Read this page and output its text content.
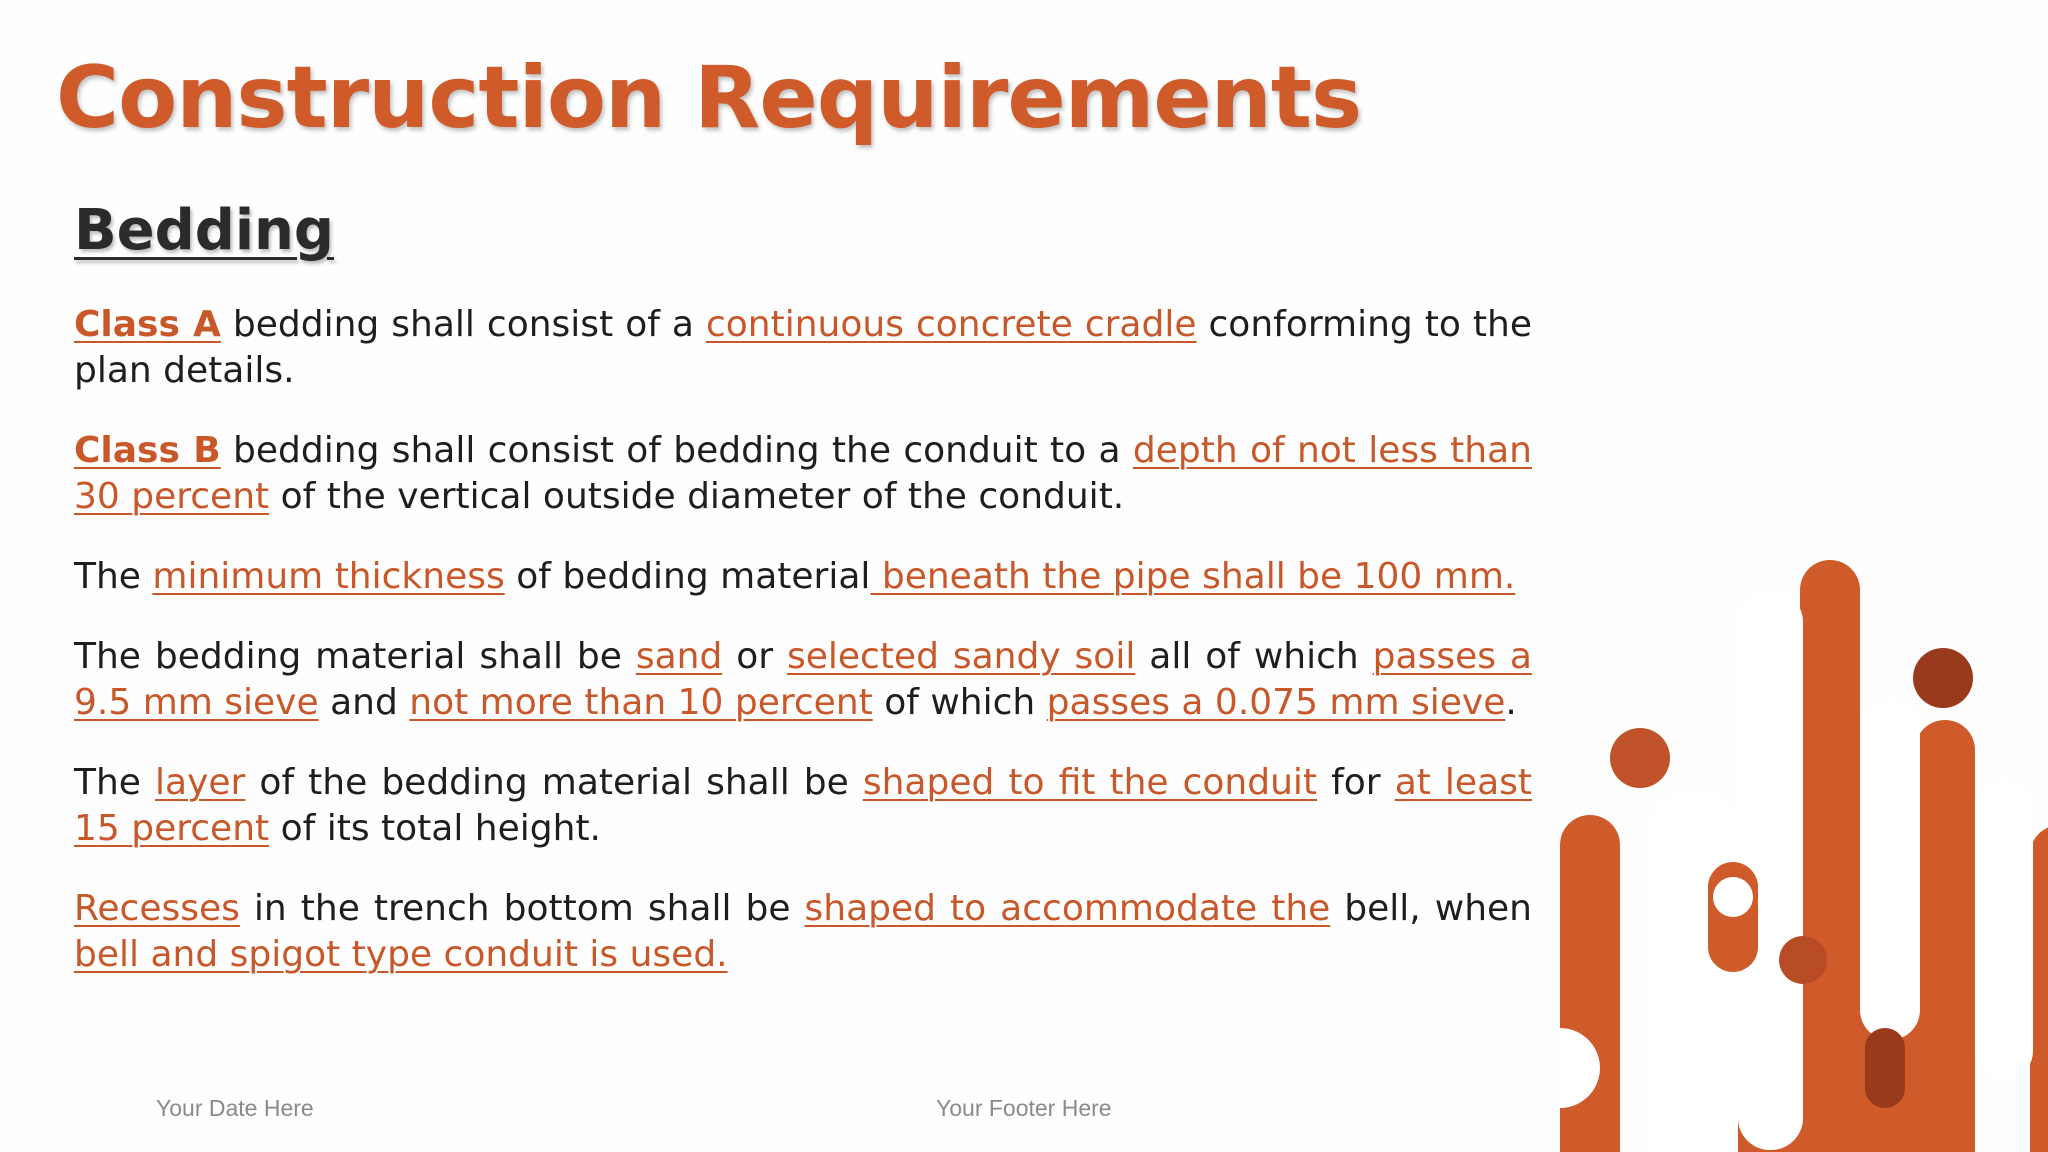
Construction Requirements
Bedding

Class A bedding shall consist of a continuous concrete cradle conforming to the plan details.

Class B bedding shall consist of bedding the conduit to a depth of not less than 30 percent of the vertical outside diameter of the conduit.

The minimum thickness of bedding material beneath the pipe shall be 100 mm.

The bedding material shall be sand or selected sandy soil all of which passes a 9.5 mm sieve and not more than 10 percent of which passes a 0.075 mm sieve.

The layer of the bedding material shall be shaped to fit the conduit for at least 15 percent of its total height.

Recesses in the trench bottom shall be shaped to accommodate the bell, when bell and spigot type conduit is used.

Your Date Here	Your Footer Here	11
